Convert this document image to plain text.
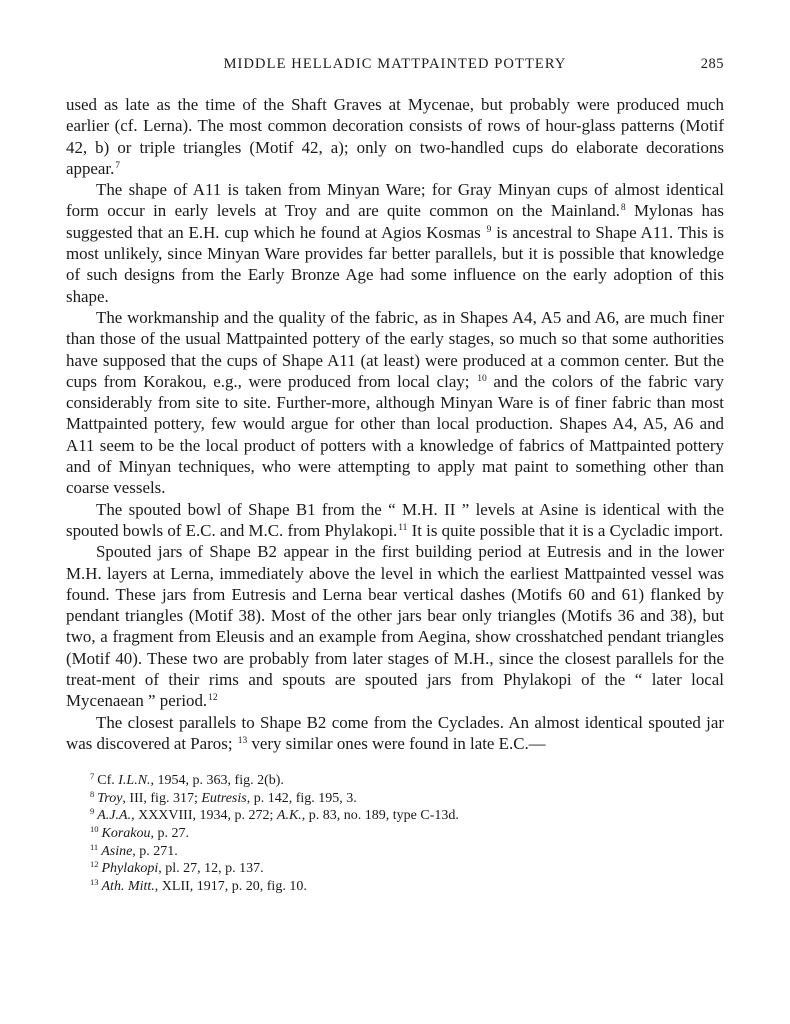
MIDDLE HELLADIC MATTPAINTED POTTERY	285

used as late as the time of the Shaft Graves at Mycenae, but probably were produced much earlier (cf. Lerna). The most common decoration consists of rows of hour-glass patterns (Motif 42, b) or triple triangles (Motif 42, a); only on two-handled cups do elaborate decorations appear.$^7$

The shape of A11 is taken from Minyan Ware; for Gray Minyan cups of almost identical form occur in early levels at Troy and are quite common on the Mainland.$^8$ Mylonas has suggested that an E.H. cup which he found at Agios Kosmas $^9$ is ancestral to Shape A11. This is most unlikely, since Minyan Ware provides far better parallels, but it is possible that knowledge of such designs from the Early Bronze Age had some influence on the early adoption of this shape.

The workmanship and the quality of the fabric, as in Shapes A4, A5 and A6, are much finer than those of the usual Mattpainted pottery of the early stages, so much so that some authorities have supposed that the cups of Shape A11 (at least) were produced at a common center. But the cups from Korakou, e.g., were produced from local clay; $^{10}$ and the colors of the fabric vary considerably from site to site. Further-more, although Minyan Ware is of finer fabric than most Mattpainted pottery, few would argue for other than local production. Shapes A4, A5, A6 and A11 seem to be the local product of potters with a knowledge of fabrics of Mattpainted pottery and of Minyan techniques, who were attempting to apply mat paint to something other than coarse vessels.

The spouted bowl of Shape B1 from the “ M.H. II ” levels at Asine is identical with the spouted bowls of E.C. and M.C. from Phylakopi.$^{11}$ It is quite possible that it is a Cycladic import.

Spouted jars of Shape B2 appear in the first building period at Eutresis and in the lower M.H. layers at Lerna, immediately above the level in which the earliest Mattpainted vessel was found. These jars from Eutresis and Lerna bear vertical dashes (Motifs 60 and 61) flanked by pendant triangles (Motif 38). Most of the other jars bear only triangles (Motifs 36 and 38), but two, a fragment from Eleusis and an example from Aegina, show crosshatched pendant triangles (Motif 40). These two are probably from later stages of M.H., since the closest parallels for the treat-ment of their rims and spouts are spouted jars from Phylakopi of the “ later local Mycenaean ” period.$^{12}$

The closest parallels to Shape B2 come from the Cyclades. An almost identical spouted jar was discovered at Paros; $^{13}$ very similar ones were found in late E.C.—

$^7$ Cf. I.L.N., 1954, p. 363, fig. 2(b).
$^8$ Troy, III, fig. 317; Eutresis, p. 142, fig. 195, 3.
$^9$ A.J.A., XXXVIII, 1934, p. 272; A.K., p. 83, no. 189, type C-13d.
$^{10}$ Korakou, p. 27.
$^{11}$ Asine, p. 271.
$^{12}$ Phylakopi, pl. 27, 12, p. 137.
$^{13}$ Ath. Mitt., XLII, 1917, p. 20, fig. 10.
